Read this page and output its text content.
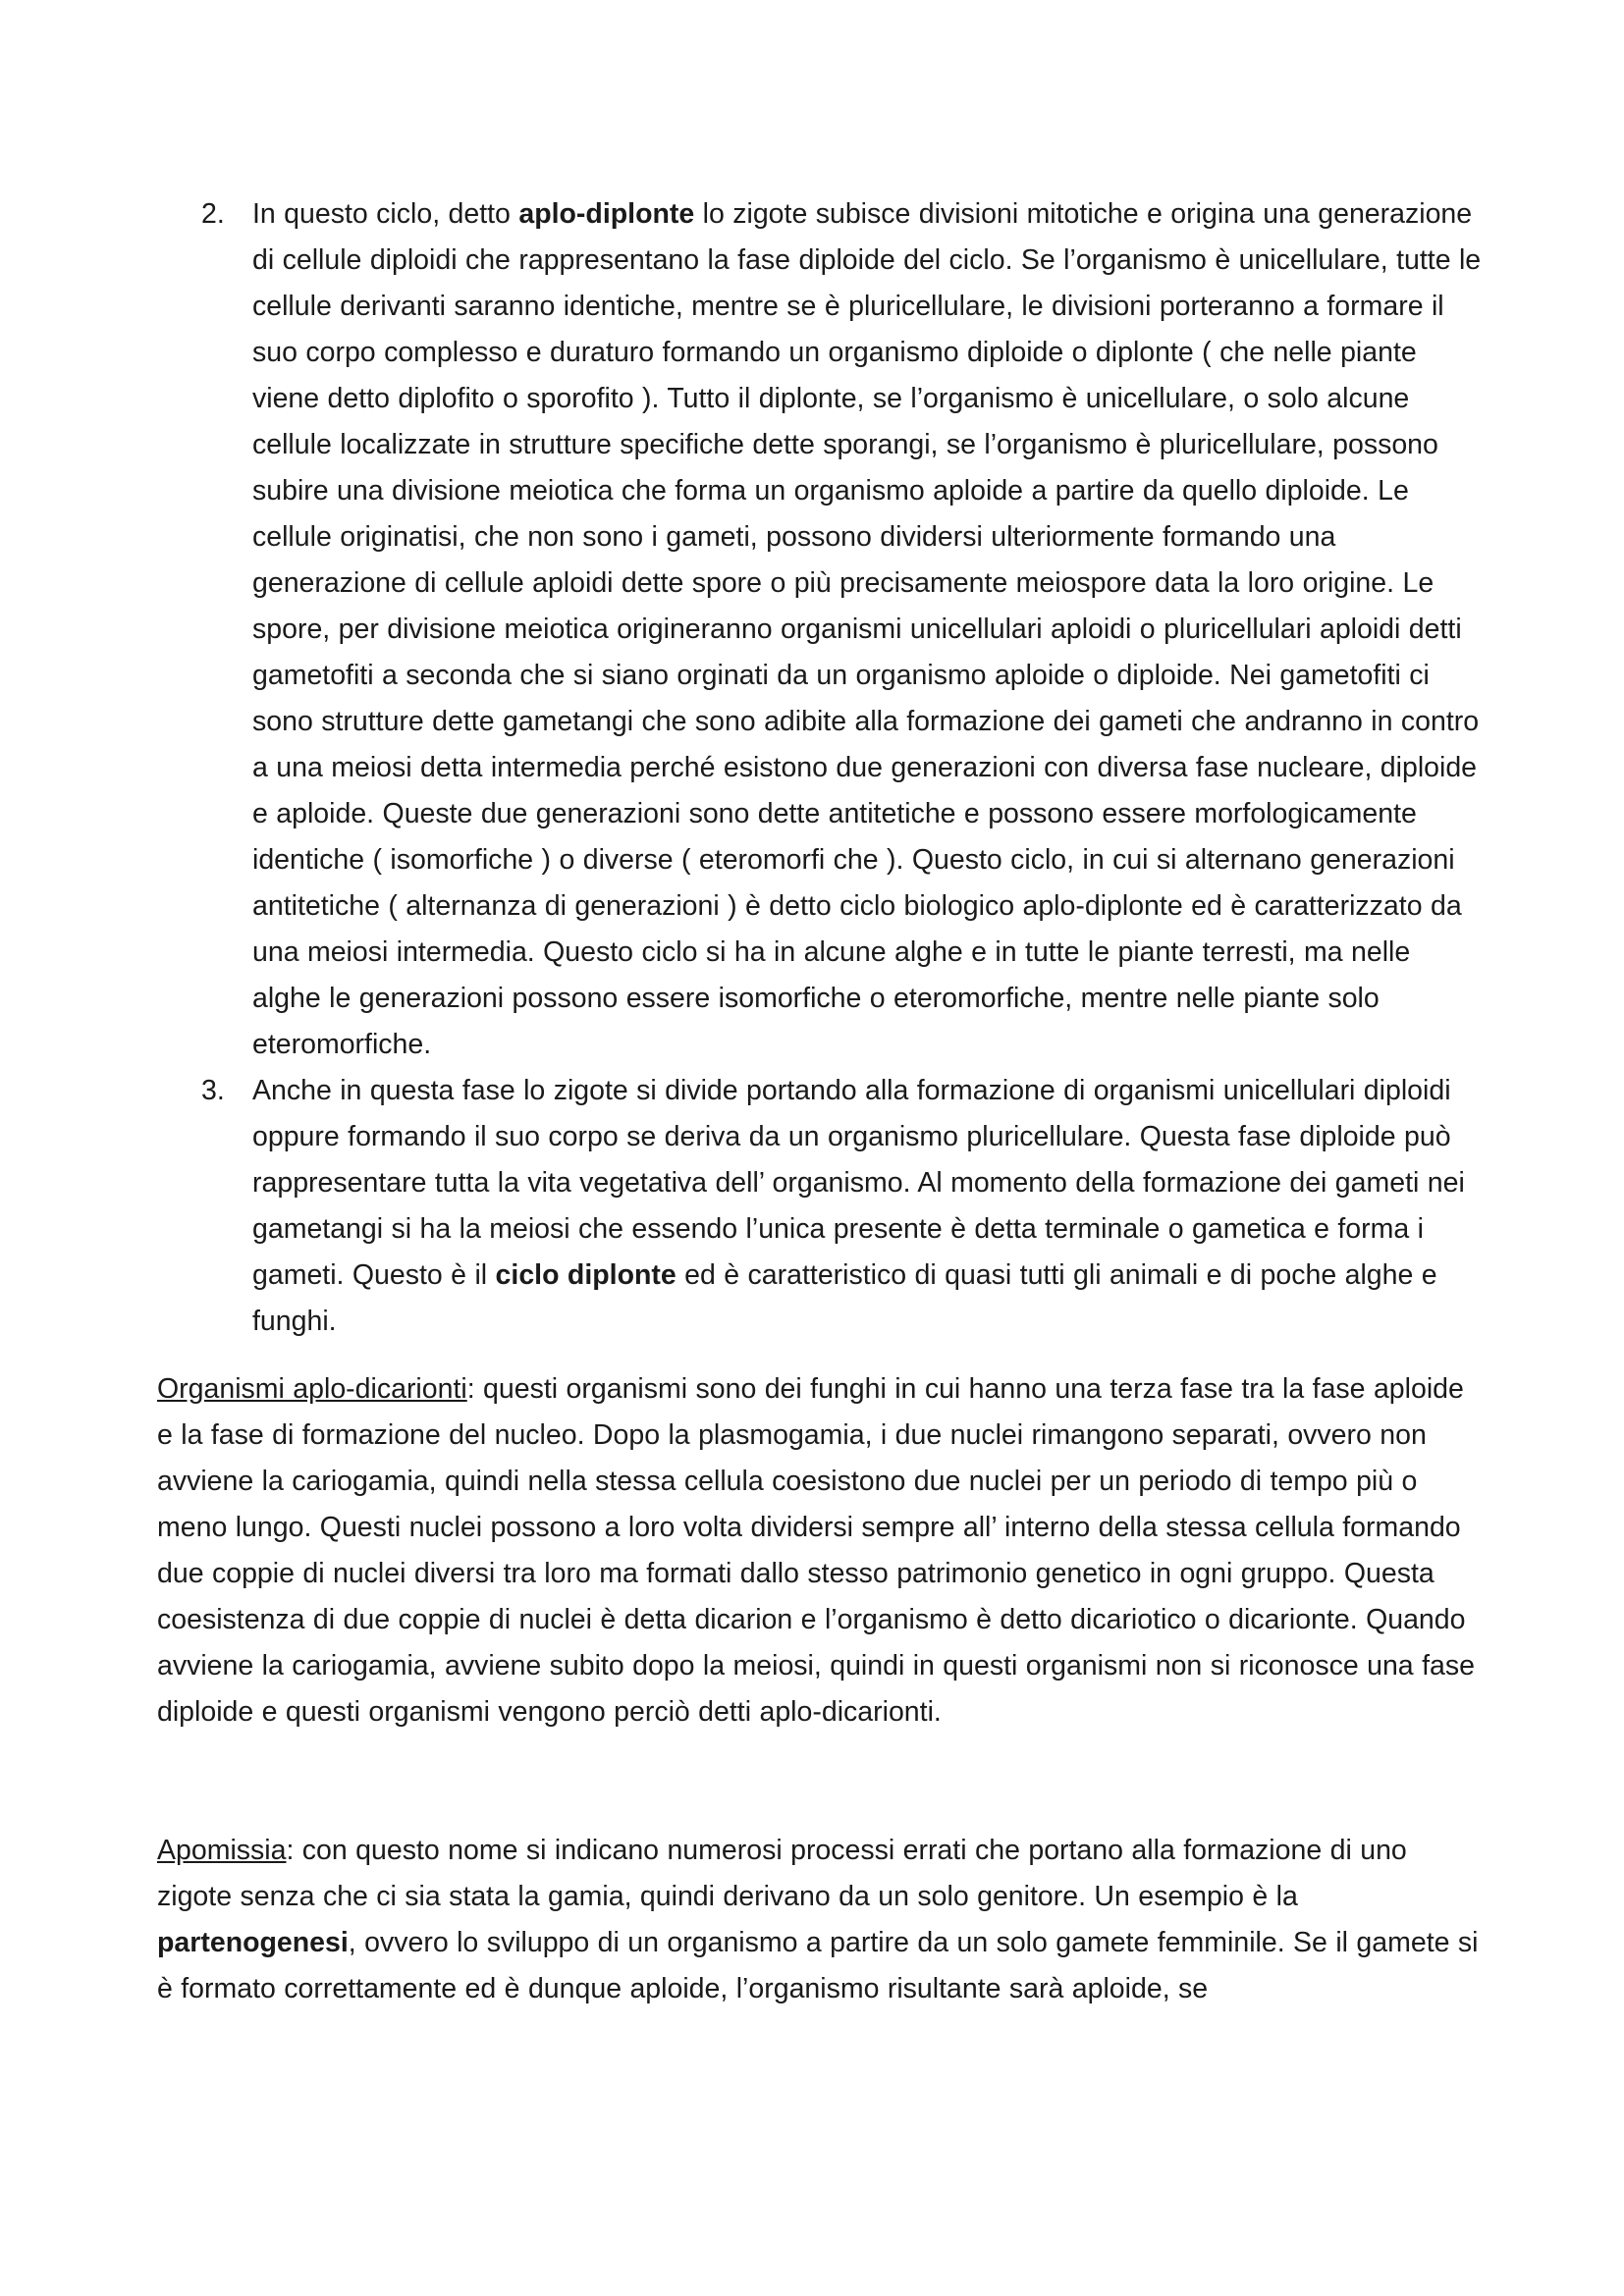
2. In questo ciclo, detto aplo-diplonte lo zigote subisce divisioni mitotiche e origina una generazione di cellule diploidi che rappresentano la fase diploide del ciclo. Se l’organismo è unicellulare, tutte le cellule derivanti saranno identiche, mentre se è pluricellulare, le divisioni porteranno a formare il suo corpo complesso e duraturo formando un organismo diploide o diplonte ( che nelle piante viene detto diplofito o sporofito ). Tutto il diplonte, se l’organismo è unicellulare, o solo alcune cellule localizzate in strutture specifiche dette sporangi, se l’organismo è pluricellulare, possono subire una divisione meiotica che forma un organismo aploide a partire da quello diploide. Le cellule originatisi, che non sono i gameti, possono dividersi ulteriormente formando una generazione di cellule aploidi dette spore o più precisamente meiospore data la loro origine. Le spore, per divisione meiotica origineranno organismi unicellulari aploidi o pluricellulari aploidi detti gametofiti a seconda che si siano orginati da un organismo aploide o diploide. Nei gametofiti ci sono strutture dette gametangi che sono adibite alla formazione dei gameti che andranno in contro a una meiosi detta intermedia perché esistono due generazioni con diversa fase nucleare, diploide e aploide. Queste due generazioni sono dette antitetiche e possono essere morfologicamente identiche ( isomorfiche ) o diverse ( eteromorfi che ). Questo ciclo, in cui si alternano generazioni antitetiche ( alternanza di generazioni ) è detto ciclo biologico aplo-diplonte ed è caratterizzato da una meiosi intermedia. Questo ciclo si ha in alcune alghe e in tutte le piante terresti, ma nelle alghe le generazioni possono essere isomorfiche o eteromorfiche, mentre nelle piante solo eteromorfiche.

3. Anche in questa fase lo zigote si divide portando alla formazione di organismi unicellulari diploidi oppure formando il suo corpo se deriva da un organismo pluricellulare. Questa fase diploide può rappresentare tutta la vita vegetativa dell’ organismo. Al momento della formazione dei gameti nei gametangi si ha la meiosi che essendo l’unica presente è detta terminale o gametica e forma i gameti. Questo è il ciclo diplonte ed è caratteristico di quasi tutti gli animali e di poche alghe e funghi.

Organismi aplo-dicarionti: questi organismi sono dei funghi in cui hanno una terza fase tra la fase aploide e la fase di formazione del nucleo. Dopo la plasmogamia, i due nuclei rimangono separati, ovvero non avviene la cariogamia, quindi nella stessa cellula coesistono due nuclei per un periodo di tempo più o meno lungo. Questi nuclei possono a loro volta dividersi sempre all’ interno della stessa cellula formando due coppie di nuclei diversi tra loro ma formati dallo stesso patrimonio genetico in ogni gruppo. Questa coesistenza di due coppie di nuclei è detta dicarion e l’organismo è detto dicariotico o dicarionte. Quando avviene la cariogamia, avviene subito dopo la meiosi, quindi in questi organismi non si riconosce una fase diploide e questi organismi vengono perciò detti aplo-dicarionti.

Apomissia: con questo nome si indicano numerosi processi errati che portano alla formazione di uno zigote senza che ci sia stata la gamia, quindi derivano da un solo genitore. Un esempio è la partenogenesi, ovvero lo sviluppo di un organismo a partire da un solo gamete femminile. Se il gamete si è formato correttamente ed è dunque aploide, l’organismo risultante sarà aploide, se
